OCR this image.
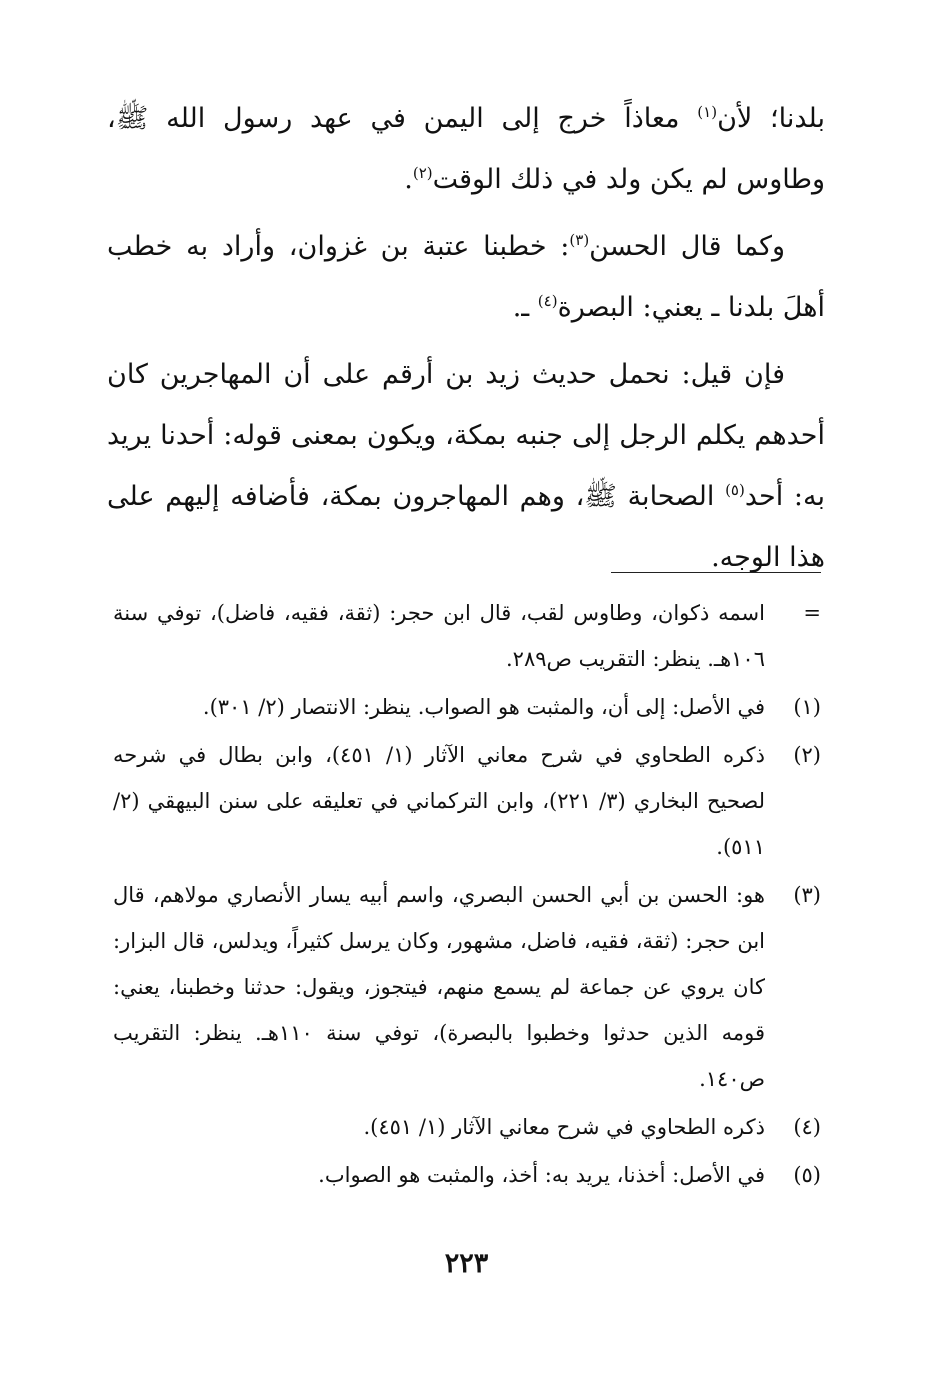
بلدنا؛ لأن$^{(١)}$ معاذاً خرج إلى اليمن في عهد رسول الله ﷺ، وطاوس لم يكن ولد في ذلك الوقت$^{(٢)}$.

وكما قال الحسن$^{(٣)}$: خطبنا عتبة بن غزوان، وأراد به خطب أهلَ بلدنا ـ يعني: البصرة$^{(٤)}$ ـ.

فإن قيل: نحمل حديث زيد بن أرقم على أن المهاجرين كان أحدهم يكلم الرجل إلى جنبه بمكة، ويكون بمعنى قوله: أحدنا يريد به: أحد$^{(٥)}$ الصحابة ﷺ، وهم المهاجرون بمكة، فأضافه إليهم على هذا الوجه.

=
اسمه ذكوان، وطاوس لقب، قال ابن حجر: (ثقة، فقيه، فاضل)، توفي سنة ١٠٦هـ. ينظر: التقريب ص٢٨٩.
(١)
في الأصل: إلى أن، والمثبت هو الصواب. ينظر: الانتصار (٢/ ٣٠١).
(٢)
ذكره الطحاوي في شرح معاني الآثار (١/ ٤٥١)، وابن بطال في شرحه لصحيح البخاري (٣/ ٢٢١)، وابن التركماني في تعليقه على سنن البيهقي (٢/ ٥١١).
(٣)
هو: الحسن بن أبي الحسن البصري، واسم أبيه يسار الأنصاري مولاهم، قال ابن حجر: (ثقة، فقيه، فاضل، مشهور، وكان يرسل كثيراً، ويدلس، قال البزار: كان يروي عن جماعة لم يسمع منهم، فيتجوز، ويقول: حدثنا وخطبنا، يعني: قومه الذين حدثوا وخطبوا بالبصرة)، توفي سنة ١١٠هـ. ينظر: التقريب ص١٤٠.
(٤)
ذكره الطحاوي في شرح معاني الآثار (١/ ٤٥١).
(٥)
في الأصل: أخذنا، يريد به: أخذ، والمثبت هو الصواب.
٢٢٣
